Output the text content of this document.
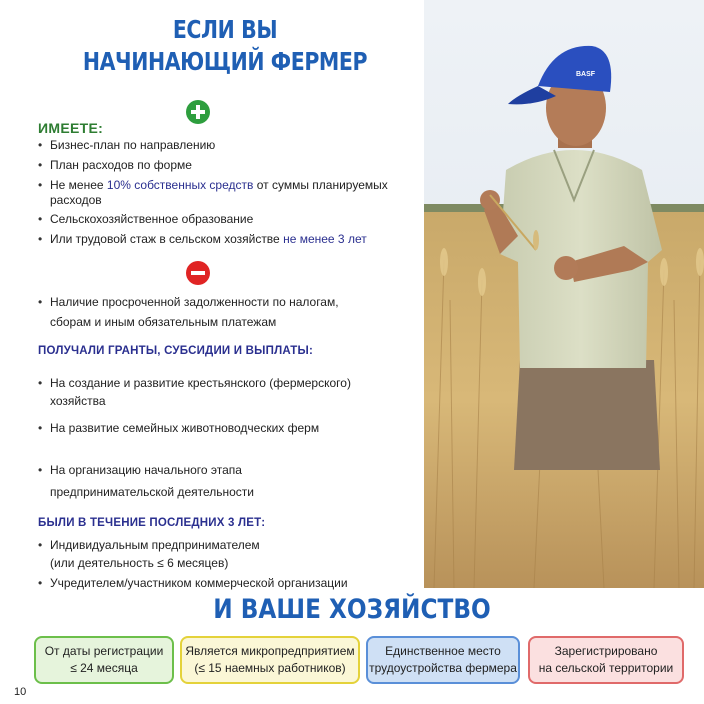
ЕСЛИ ВЫ
НАЧИНАЮЩИЙ ФЕРМЕР	BASF
ИМЕЕТЕ:
• Бизнес-план по направлению
• План расходов по форме
• Не менее 10% собственных средств от суммы планируемых
расходов
• Сельскохозяйственное образование
• Или трудовой стаж в сельском хозяйстве не менее 3 лет
• Наличие просроченной задолженности по налогам,
сборам и иным обязательным платежам
ПОЛУЧАЛИ ГРАНТЫ, СУБСИДИИ И ВЫПЛАТЫ:
• На создание и развитие крестьянского (фермерского)
хозяйства
• На развитие семейных животноводческих ферм
• На организацию начального этапа
предпринимательской деятельности
БЫЛИ В ТЕЧЕНИЕ ПОСЛЕДНИХ 3 ЛЕТ:
• Индивидуальным предпринимателем
(или деятельность ≤ 6 месяцев)
• Учредителем/участником коммерческой организации
И ВАШЕ ХОЗЯЙСТВО
От даты регистрации
≤ 24 месяца
Является микропредприятием
(≤ 15 наемных работников)
Единственное место
трудоустройства фермера
Зарегистрировано
на сельской территории
10
